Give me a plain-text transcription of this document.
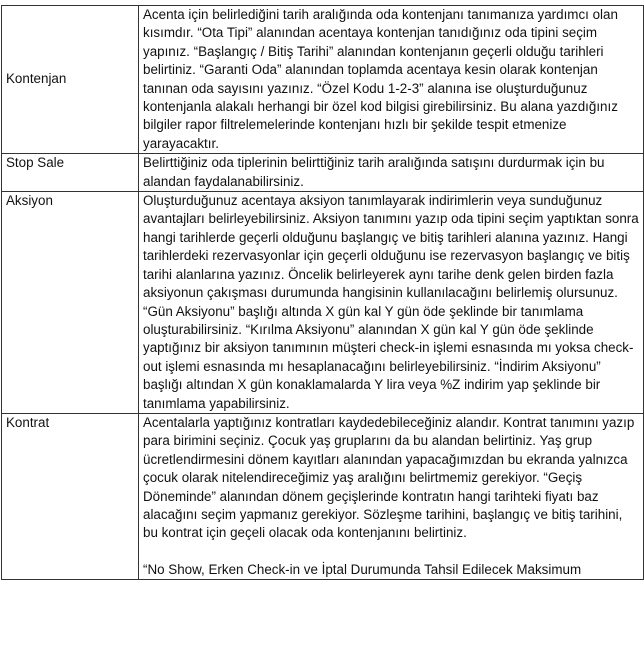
Kontenjan	Acenta için belirlediğini tarih aralığında oda kontenjanı tanımanıza yardımcı olan kısımdır. “Ota Tipi” alanından acentaya kontenjan tanıdığınız oda tipini seçim yapınız. “Başlangıç / Bitiş Tarihi” alanından kontenjanın geçerli olduğu tarihleri belirtiniz. “Garanti Oda” alanından toplamda acentaya kesin olarak kontenjan tanınan oda sayısını yazınız. “Özel Kodu 1-2-3” alanına ise oluşturduğunuz kontenjanla alakalı herhangi bir özel kod bilgisi girebilirsiniz. Bu alana yazdığınız bilgiler rapor filtrelemelerinde kontenjanı hızlı bir şekilde tespit etmenize yarayacaktır.

Stop Sale	Belirttiğiniz oda tiplerinin belirttiğiniz tarih aralığında satışını durdurmak için bu alandan faydalanabilirsiniz.

Aksiyon	Oluşturduğunuz acentaya aksiyon tanımlayarak indirimlerin veya sunduğunuz avantajları belirleyebilirsiniz. Aksiyon tanımını yazıp oda tipini seçim yaptıktan sonra hangi tarihlerde geçerli olduğunu başlangıç ve bitiş tarihleri alanına yazınız. Hangi tarihlerdeki rezervasyonlar için geçerli olduğunu ise rezervasyon başlangıç ve bitiş tarihi alanlarına yazınız. Öncelik belirleyerek aynı tarihe denk gelen birden fazla aksiyonun çakışması durumunda hangisinin kullanılacağını belirlemiş olursunuz.
“Gün Aksiyonu” başlığı altında X gün kal Y gün öde şeklinde bir tanımlama oluşturabilirsiniz. “Kırılma Aksiyonu” alanından X gün kal Y gün öde şeklinde yaptığınız bir aksiyon tanımının müşteri check-in işlemi esnasında mı yoksa check-out işlemi esnasında mı hesaplanacağını belirleyebilirsiniz. “İndirim Aksiyonu” başlığı altından X gün konaklamalarda Y lira veya %Z indirim yap şeklinde bir tanımlama yapabilirsiniz.

Kontrat	Acentalarla yaptığınız kontratları kaydedebileceğiniz alandır. Kontrat tanımını yazıp para birimini seçiniz. Çocuk yaş gruplarını da bu alandan belirtiniz. Yaş grup ücretlendirmesini dönem kayıtları alanından yapacağımızdan bu ekranda yalnızca çocuk olarak nitelendireceğimiz yaş aralığını belirtmemiz gerekiyor. “Geçiş Döneminde” alanından dönem geçişlerinde kontratın hangi tarihteki fiyatı baz alacağını seçim yapmanız gerekiyor. Sözleşme tarihini, başlangıç ve bitiş tarihini, bu kontrat için geçeli olacak oda kontenjanını belirtiniz.
“No Show, Erken Check-in ve İptal Durumunda Tahsil Edilecek Maksimum
